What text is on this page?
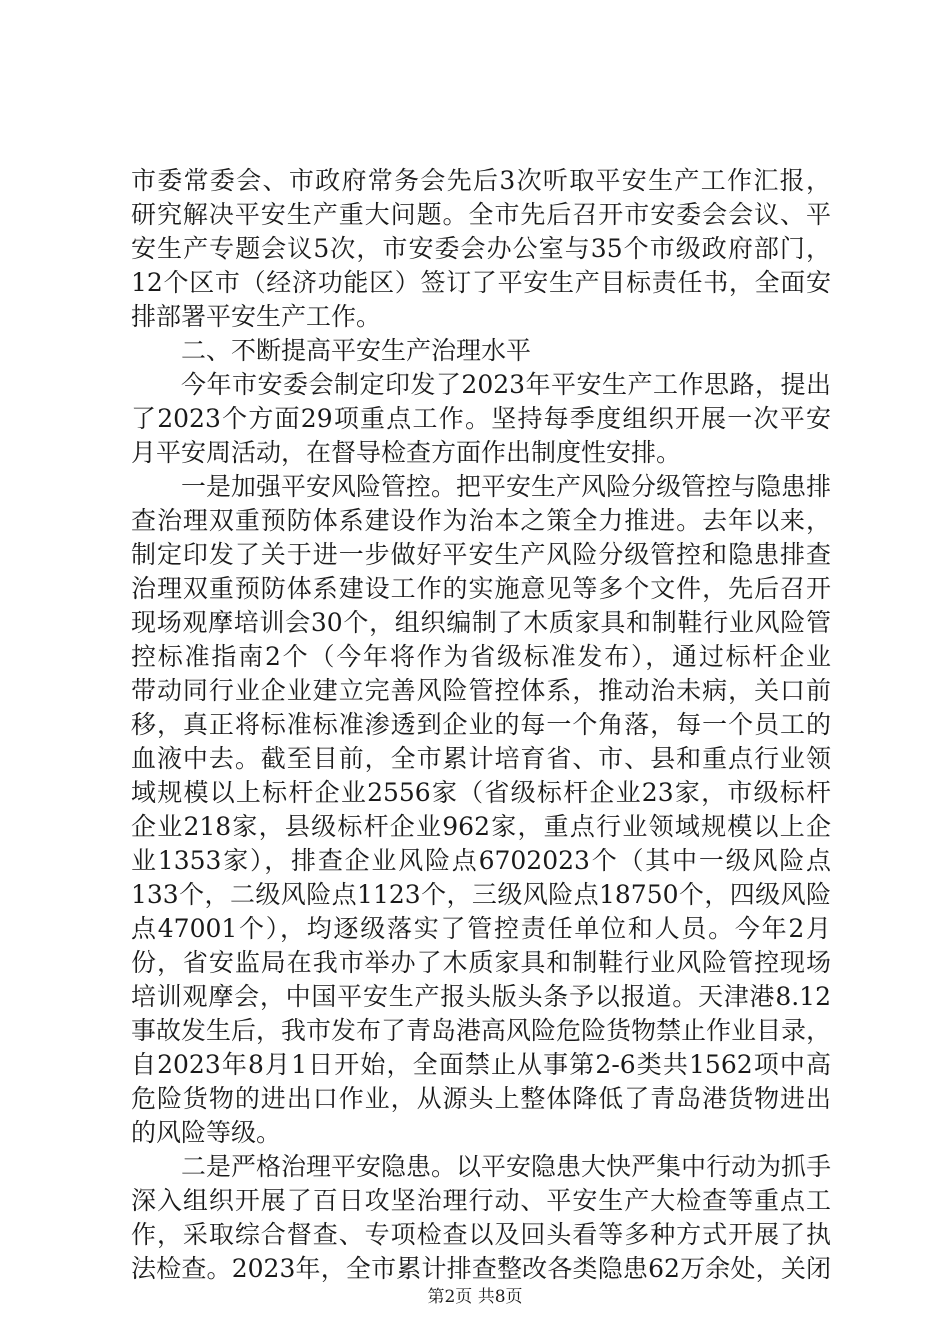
市委常委会、市政府常务会先后3次听取平安生产工作汇报，
研究解决平安生产重大问题。全市先后召开市安委会会议、平
安生产专题会议5次，市安委会办公室与35个市级政府部门，
12个区市（经济功能区）签订了平安生产目标责任书，全面安
排部署平安生产工作。
二、不断提高平安生产治理水平
今年市安委会制定印发了2023年平安生产工作思路，提出
了2023个方面29项重点工作。坚持每季度组织开展一次平安
月平安周活动，在督导检查方面作出制度性安排。
一是加强平安风险管控。把平安生产风险分级管控与隐患排
查治理双重预防体系建设作为治本之策全力推进。去年以来，
制定印发了关于进一步做好平安生产风险分级管控和隐患排查
治理双重预防体系建设工作的实施意见等多个文件，先后召开
现场观摩培训会30个，组织编制了木质家具和制鞋行业风险管
控标准指南2个（今年将作为省级标准发布），通过标杆企业
带动同行业企业建立完善风险管控体系，推动治未病，关口前
移，真正将标准标准渗透到企业的每一个角落，每一个员工的
血液中去。截至目前，全市累计培育省、市、县和重点行业领
域规模以上标杆企业2556家（省级标杆企业23家，市级标杆
企业218家，县级标杆企业962家，重点行业领域规模以上企
业1353家），排查企业风险点6702023个（其中一级风险点
133个，二级风险点1123个，三级风险点18750个，四级风险
点47001个），均逐级落实了管控责任单位和人员。今年2月
份，省安监局在我市举办了木质家具和制鞋行业风险管控现场
培训观摩会，中国平安生产报头版头条予以报道。天津港8.12
事故发生后，我市发布了青岛港高风险危险货物禁止作业目录，
自2023年8月1日开始，全面禁止从事第2-6类共1562项中高
危险货物的进出口作业，从源头上整体降低了青岛港货物进出
的风险等级。
二是严格治理平安隐患。以平安隐患大快严集中行动为抓手
深入组织开展了百日攻坚治理行动、平安生产大检查等重点工
作，采取综合督查、专项检查以及回头看等多种方式开展了执
法检查。2023年，全市累计排查整改各类隐患62万余处，关闭
第2页 共8页
